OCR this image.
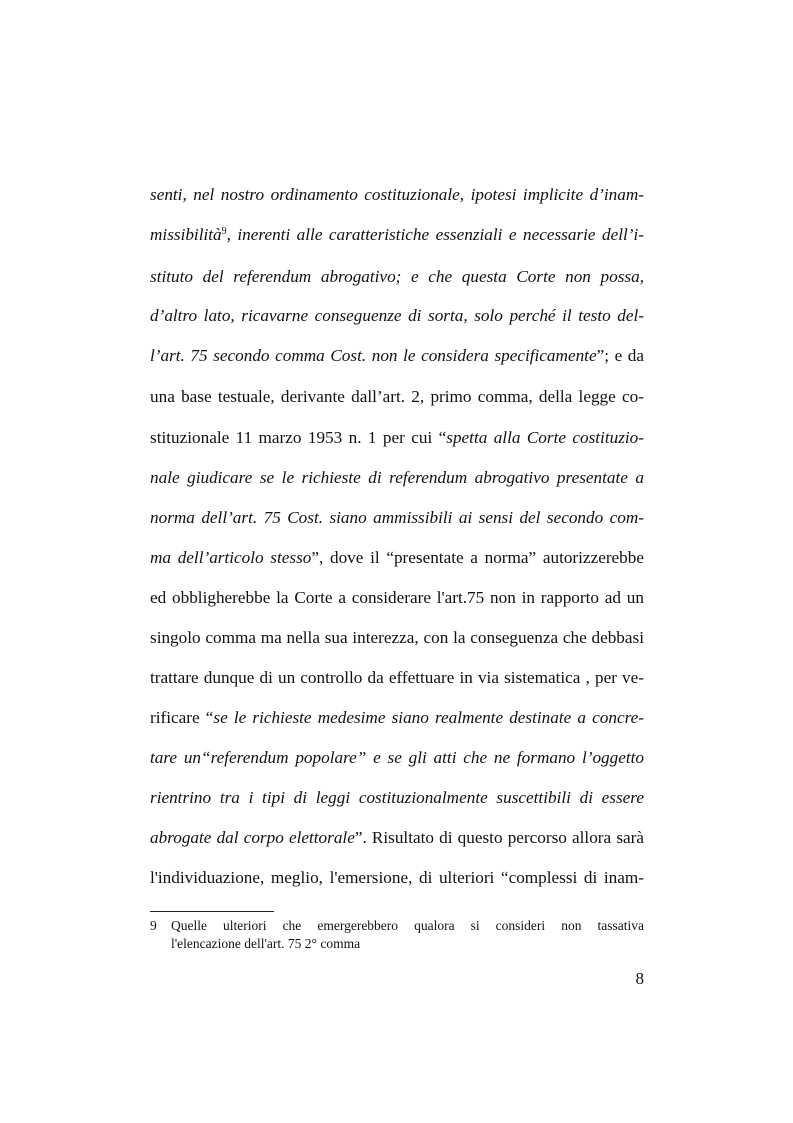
senti, nel nostro ordinamento costituzionale, ipotesi implicite d’inam-
missibilità$^9$, inerenti alle caratteristiche essenziali e necessarie dell’i-
stituto del referendum abrogativo; e che questa Corte non possa,
d’altro lato, ricavarne conseguenze di sorta, solo perché il testo del-
l’art. 75 secondo comma Cost. non le considera specificamente”; e da
una base testuale, derivante dall’art. 2, primo comma, della legge co-
stituzionale 11 marzo 1953 n. 1 per cui “spetta alla Corte costituzio-
nale giudicare se le richieste di referendum abrogativo presentate a
norma dell’art. 75 Cost. siano ammissibili ai sensi del secondo com-
ma dell’articolo stesso”, dove il “presentate a norma” autorizzerebbe
ed obbligherebbe la Corte a considerare l'art.75 non in rapporto ad un
singolo comma ma nella sua interezza, con la conseguenza che debbasi
trattare dunque di un controllo da effettuare in via sistematica , per ve-
rificare “se le richieste medesime siano realmente destinate a concre-
tare un“referendum popolare” e se gli atti che ne formano l’oggetto
rientrino tra i tipi di leggi costituzionalmente suscettibili di essere
abrogate dal corpo elettorale”. Risultato di questo percorso allora sarà
l'individuazione, meglio, l'emersione, di ulteriori “complessi di inam-
9 Quelle ulteriori che emergerebbero qualora si consideri non tassativa
l'elencazione dell'art. 75 2° comma
8
